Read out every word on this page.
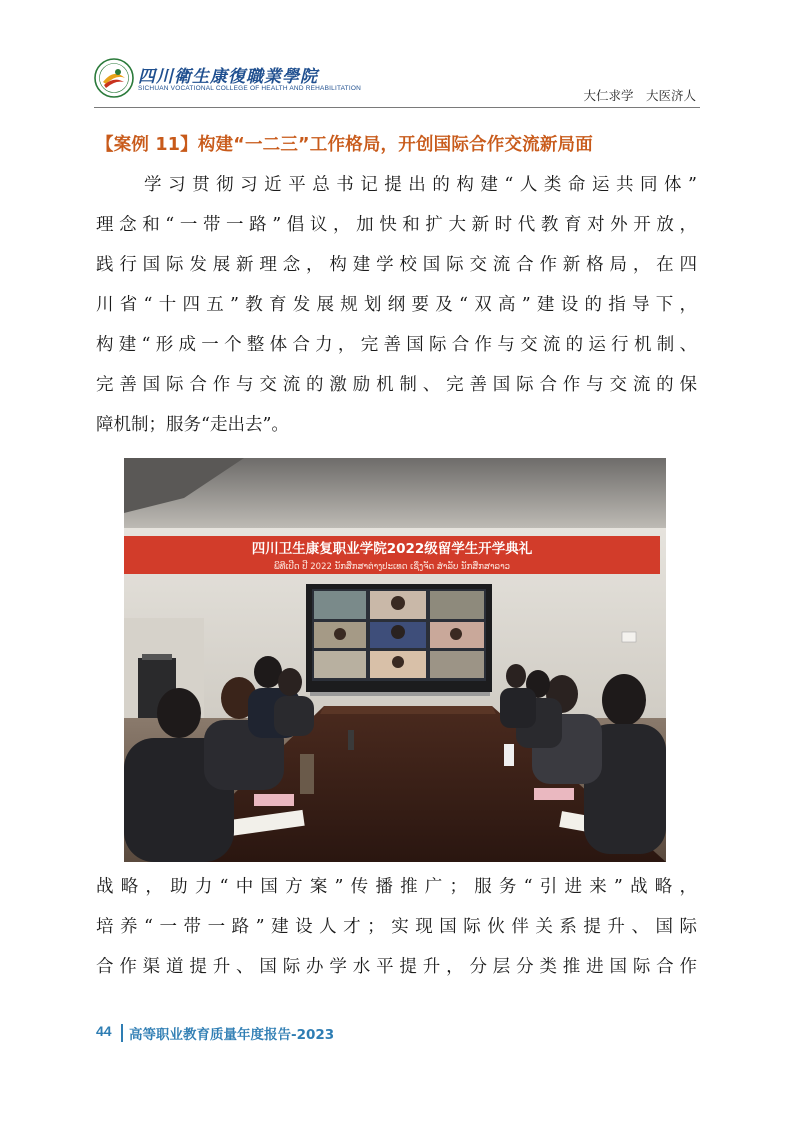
四川衛生康復職業學院
SICHUAN VOCATIONAL COLLEGE OF HEALTH AND REHABILITATION	大仁求学　大医济人
【案例 11】构建“一二三”工作格局，开创国际合作交流新局面

　　学习贯彻习近平总书记提出的构建“人类命运共同体”
理念和“一带一路”倡议，加快和扩大新时代教育对外开放，
践行国际发展新理念，构建学校国际交流合作新格局，在四
川省“十四五”教育发展规划纲要及“双高”建设的指导下，
构建“形成一个整体合力，完善国际合作与交流的运行机制、
完善国际合作与交流的激励机制、完善国际合作与交流的保
障机制；服务“走出去”。

四川卫生康复职业学院2022级留学生开学典礼
ພິທີເປີດ ປີ 2022 ນັກສຶກສາຕ່າງປະເທດ ເຊິ່ງຈັດ ສຳລັບ ນັກສຶກສາລາວ

战略，助力“中国方案”传播推广；服务“引进来”战略，
培养“一带一路”建设人才；实现国际伙伴关系提升、国际
合作渠道提升、国际办学水平提升，分层分类推进国际合作

44 高等职业教育质量年度报告-2023
